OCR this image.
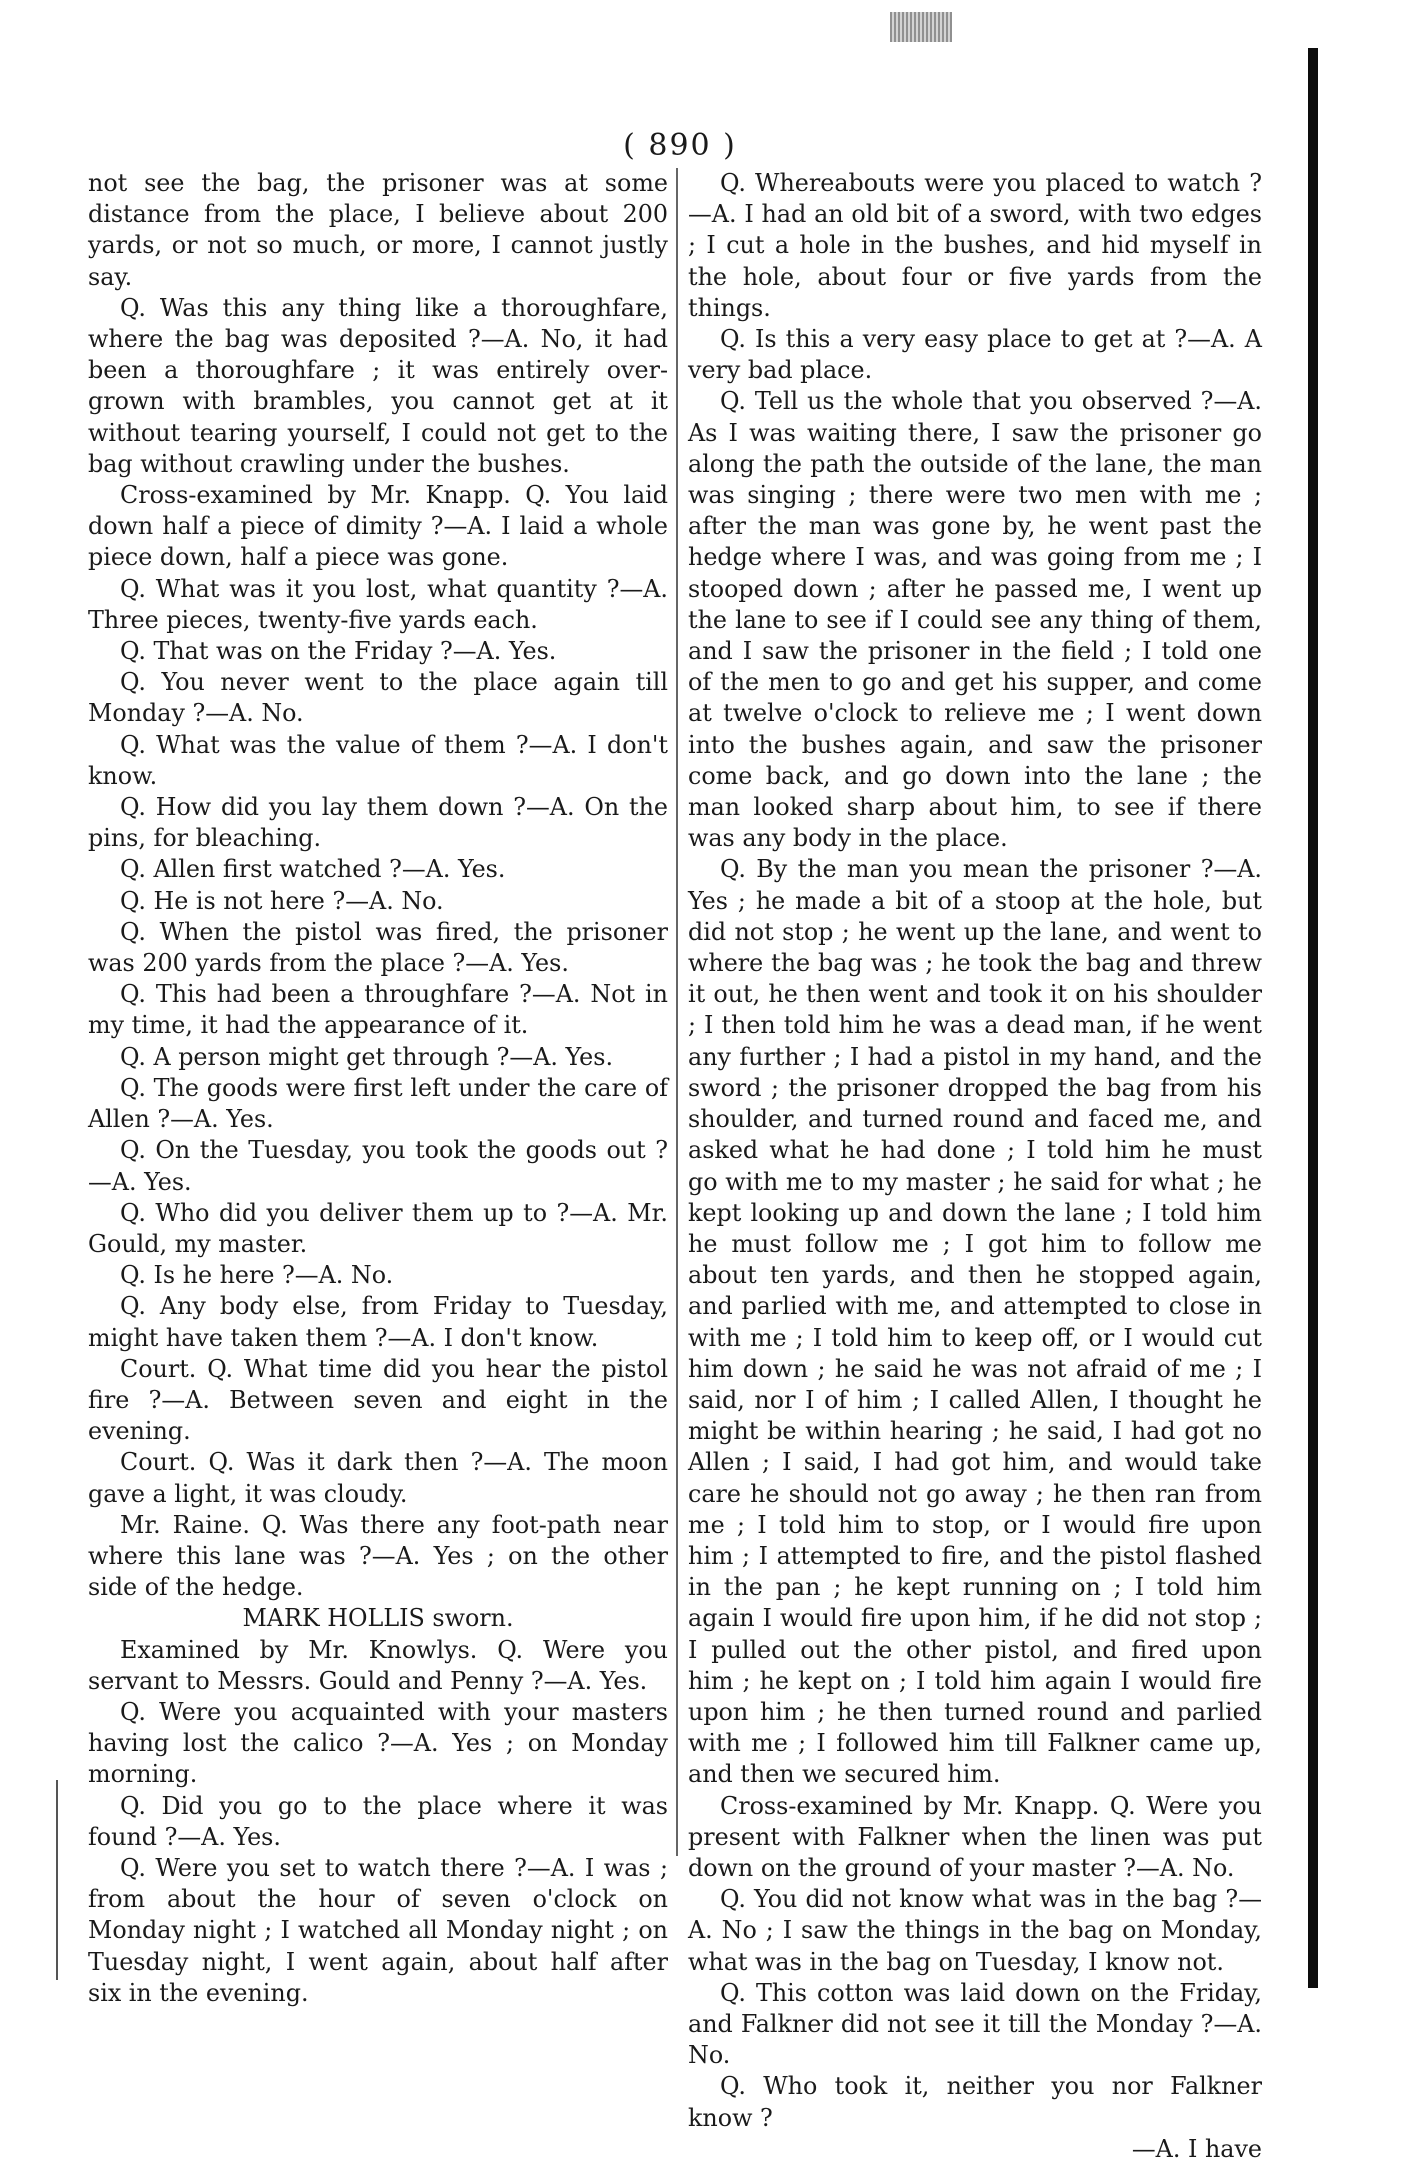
( 890 )

not see the bag, the prisoner was at some distance from the place, I believe about 200 yards, or not so much, or more, I cannot justly say.

Q. Was this any thing like a thoroughfare, where the bag was deposited ?—A. No, it had been a thoroughfare ; it was entirely over-grown with brambles, you cannot get at it without tearing yourself, I could not get to the bag without crawling under the bushes.

Cross-examined by Mr. Knapp. Q. You laid down half a piece of dimity ?—A. I laid a whole piece down, half a piece was gone.

Q. What was it you lost, what quantity ?—A. Three pieces, twenty-five yards each.

Q. That was on the Friday ?—A. Yes.

Q. You never went to the place again till Monday ?—A. No.

Q. What was the value of them ?—A. I don't know.

Q. How did you lay them down ?—A. On the pins, for bleaching.

Q. Allen first watched ?—A. Yes.

Q. He is not here ?—A. No.

Q. When the pistol was fired, the prisoner was 200 yards from the place ?—A. Yes.

Q. This had been a throughfare ?—A. Not in my time, it had the appearance of it.

Q. A person might get through ?—A. Yes.

Q. The goods were first left under the care of Allen ?—A. Yes.

Q. On the Tuesday, you took the goods out ?—A. Yes.

Q. Who did you deliver them up to ?—A. Mr. Gould, my master.

Q. Is he here ?—A. No.

Q. Any body else, from Friday to Tuesday, might have taken them ?—A. I don't know.

Court. Q. What time did you hear the pistol fire ?—A. Between seven and eight in the evening.

Court. Q. Was it dark then ?—A. The moon gave a light, it was cloudy.

Mr. Raine. Q. Was there any foot-path near where this lane was ?—A. Yes ; on the other side of the hedge.

MARK HOLLIS sworn.

Examined by Mr. Knowlys. Q. Were you servant to Messrs. Gould and Penny ?—A. Yes.

Q. Were you acquainted with your masters having lost the calico ?—A. Yes ; on Monday morning.

Q. Did you go to the place where it was found ?—A. Yes.

Q. Were you set to watch there ?—A. I was ; from about the hour of seven o'clock on Monday night ; I watched all Monday night ; on Tuesday night, I went again, about half after six in the evening.

Q. Whereabouts were you placed to watch ?—A. I had an old bit of a sword, with two edges ; I cut a hole in the bushes, and hid myself in the hole, about four or five yards from the things.

Q. Is this a very easy place to get at ?—A. A very bad place.

Q. Tell us the whole that you observed ?—A. As I was waiting there, I saw the prisoner go along the path the outside of the lane, the man was singing ; there were two men with me ; after the man was gone by, he went past the hedge where I was, and was going from me ; I stooped down ; after he passed me, I went up the lane to see if I could see any thing of them, and I saw the prisoner in the field ; I told one of the men to go and get his supper, and come at twelve o'clock to relieve me ; I went down into the bushes again, and saw the prisoner come back, and go down into the lane ; the man looked sharp about him, to see if there was any body in the place.

Q. By the man you mean the prisoner ?—A. Yes ; he made a bit of a stoop at the hole, but did not stop ; he went up the lane, and went to where the bag was ; he took the bag and threw it out, he then went and took it on his shoulder ; I then told him he was a dead man, if he went any further ; I had a pistol in my hand, and the sword ; the prisoner dropped the bag from his shoulder, and turned round and faced me, and asked what he had done ; I told him he must go with me to my master ; he said for what ; he kept looking up and down the lane ; I told him he must follow me ; I got him to follow me about ten yards, and then he stopped again, and parlied with me, and attempted to close in with me ; I told him to keep off, or I would cut him down ; he said he was not afraid of me ; I said, nor I of him ; I called Allen, I thought he might be within hearing ; he said, I had got no Allen ; I said, I had got him, and would take care he should not go away ; he then ran from me ; I told him to stop, or I would fire upon him ; I attempted to fire, and the pistol flashed in the pan ; he kept running on ; I told him again I would fire upon him, if he did not stop ; I pulled out the other pistol, and fired upon him ; he kept on ; I told him again I would fire upon him ; he then turned round and parlied with me ; I followed him till Falkner came up, and then we secured him.

Cross-examined by Mr. Knapp. Q. Were you present with Falkner when the linen was put down on the ground of your master ?—A. No.

Q. You did not know what was in the bag ?—A. No ; I saw the things in the bag on Monday, what was in the bag on Tuesday, I know not.

Q. This cotton was laid down on the Friday, and Falkner did not see it till the Monday ?—A. No.

Q. Who took it, neither you nor Falkner know ?

—A. I have
